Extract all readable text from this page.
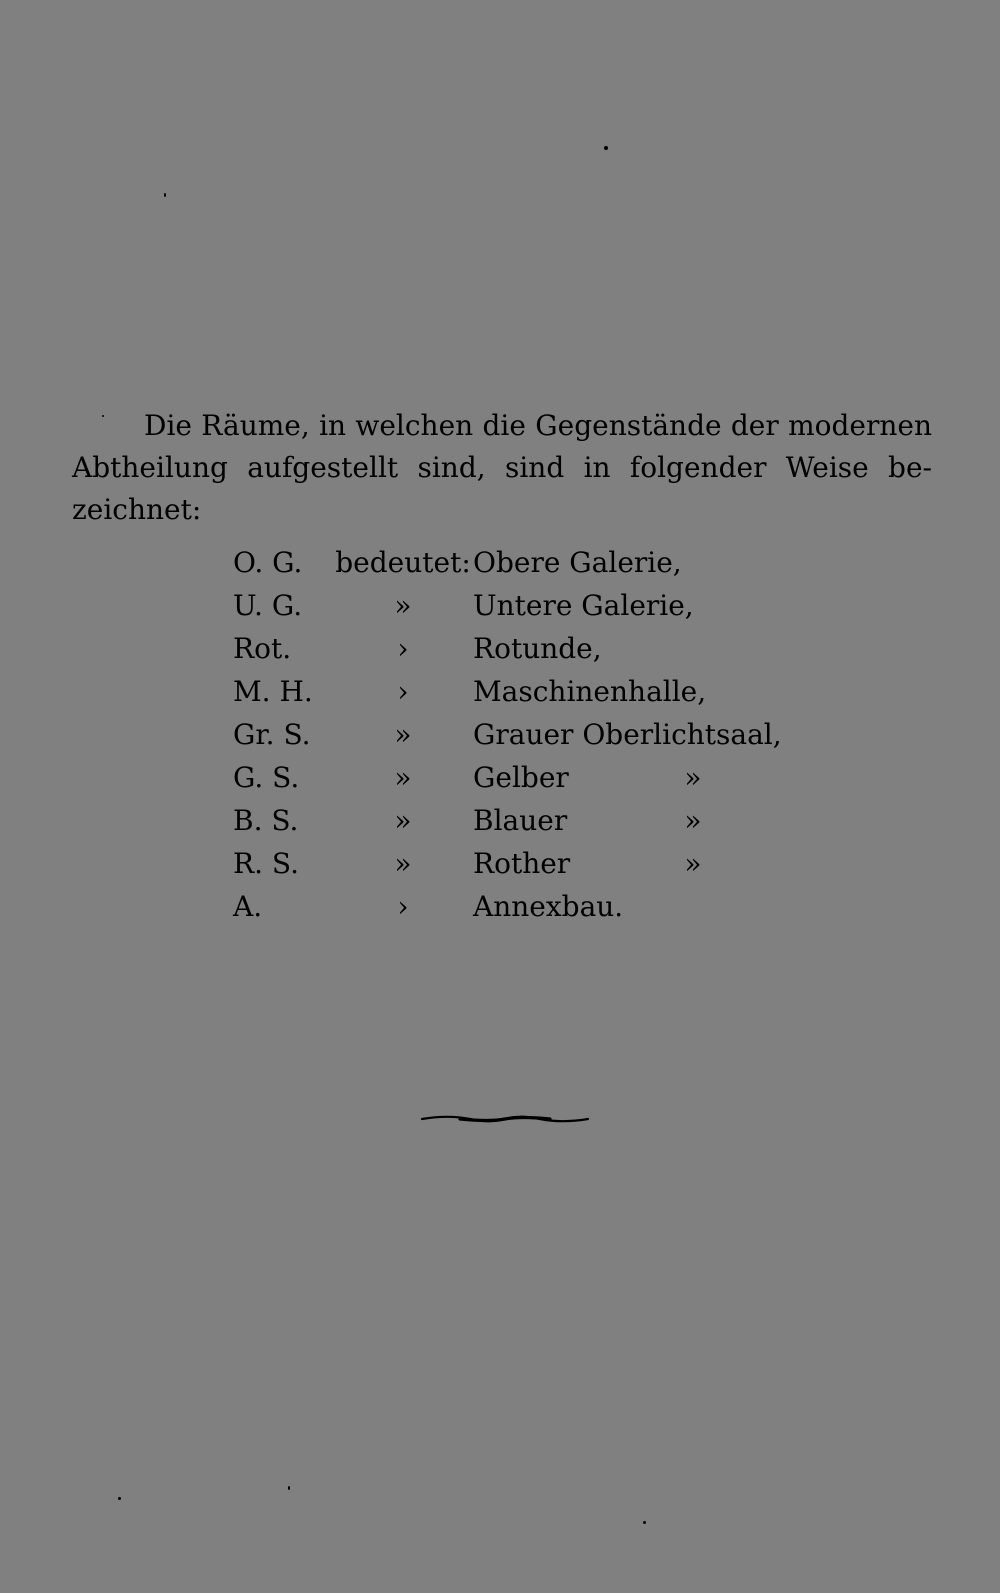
Die Räume, in welchen die Gegenstände der modernen
Abtheilung aufgestellt sind, sind in folgender Weise be-
zeichnet:
O. G.	bedeutet: Obere Galerie,
U. G.	»	Untere Galerie,
Rot.	›	Rotunde,
M. H.	›	Maschinenhalle,
Gr. S.	»	Grauer Oberlichtsaal,
G. S.	»	Gelber	»
B. S.	»	Blauer	»
R. S.	»	Rother	»
A.	›	Annexbau.
